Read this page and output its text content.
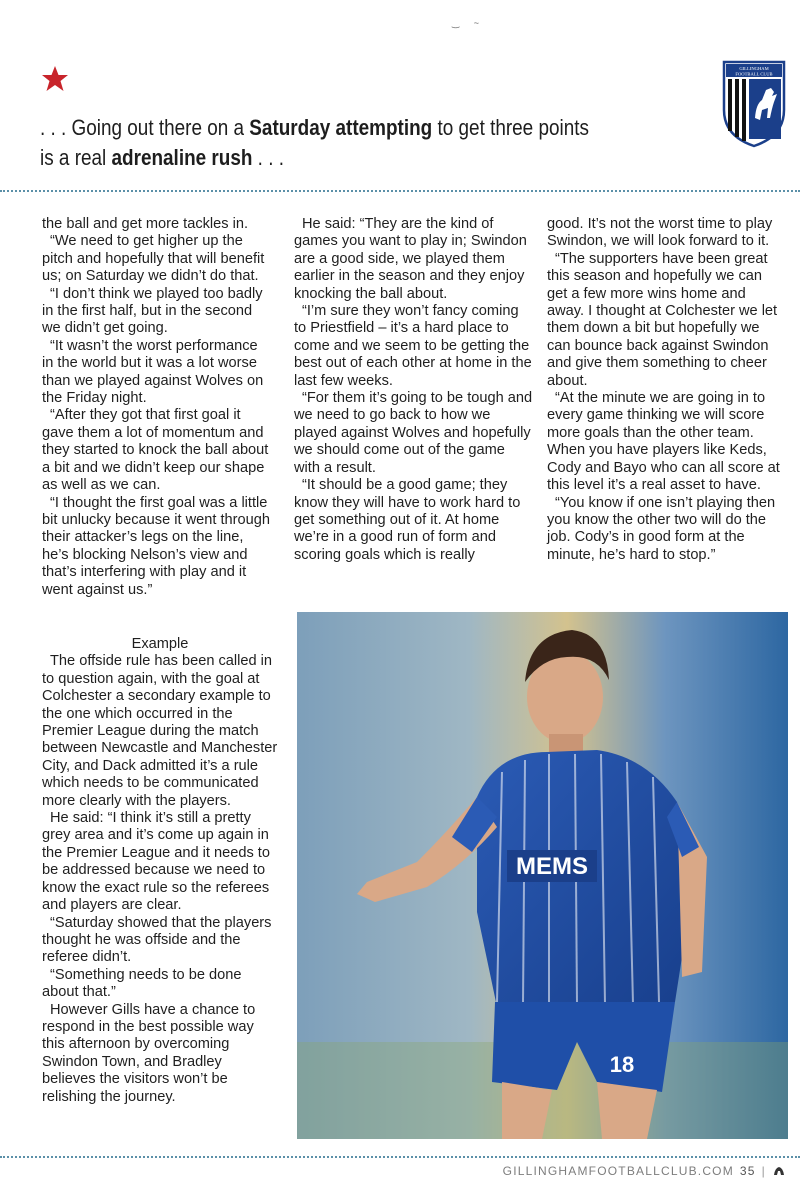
‿ ~
GILLINGHAM
FOOTBALL CLUB
. . . Going out there on a Saturday attempting to get three points
is a real adrenaline rush . . .

the ball and get more tackles in.

“We need to get higher up the pitch and hopefully that will benefit us; on Saturday we didn’t do that.

“I don’t think we played too badly in the first half, but in the second we didn’t get going.

“It wasn’t the worst performance in the world but it was a lot worse than we played against Wolves on the Friday night.

“After they got that first goal it gave them a lot of momentum and they started to knock the ball about a bit and we didn’t keep our shape as well as we can.

“I thought the first goal was a little bit unlucky because it went through their attacker’s legs on the line, he’s blocking Nelson’s view and that’s interfering with play and it went against us.”

He said: “They are the kind of games you want to play in; Swindon are a good side, we played them earlier in the season and they enjoy knocking the ball about.

“I’m sure they won’t fancy coming to Priestfield – it’s a hard place to come and we seem to be getting the best out of each other at home in the last few weeks.

“For them it’s going to be tough and we need to go back to how we played against Wolves and hopefully we should come out of the game with a result.

“It should be a good game; they know they will have to work hard to get something out of it. At home we’re in a good run of form and scoring goals which is really

good. It’s not the worst time to play Swindon, we will look forward to it.

“The supporters have been great this season and hopefully we can get a few more wins home and away. I thought at Colchester we let them down a bit but hopefully we can bounce back against Swindon and give them something to cheer about.

“At the minute we are going in to every game thinking we will score more goals than the other team. When you have players like Keds, Cody and Bayo who can all score at this level it’s a real asset to have.

“You know if one isn’t playing then you know the other two will do the job. Cody’s in good form at the minute, he’s hard to stop.”

Example

The offside rule has been called in to question again, with the goal at Colchester a secondary example to the one which occurred in the Premier League during the match between Newcastle and Manchester City, and Dack admitted it’s a rule which needs to be communicated more clearly with the players.

He said: “I think it’s still a pretty grey area and it’s come up again in the Premier League and it needs to be addressed because we need to know the exact rule so the referees and players are clear.

“Saturday showed that the players thought he was offside and the referee didn’t.

“Something needs to be done about that.”

However Gills have a chance to respond in the best possible way this afternoon by overcoming Swindon Town, and Bradley believes the visitors won’t be relishing the journey.

MEMS
18
GILLINGHAMFOOTBALLCLUB.COM 35 |
